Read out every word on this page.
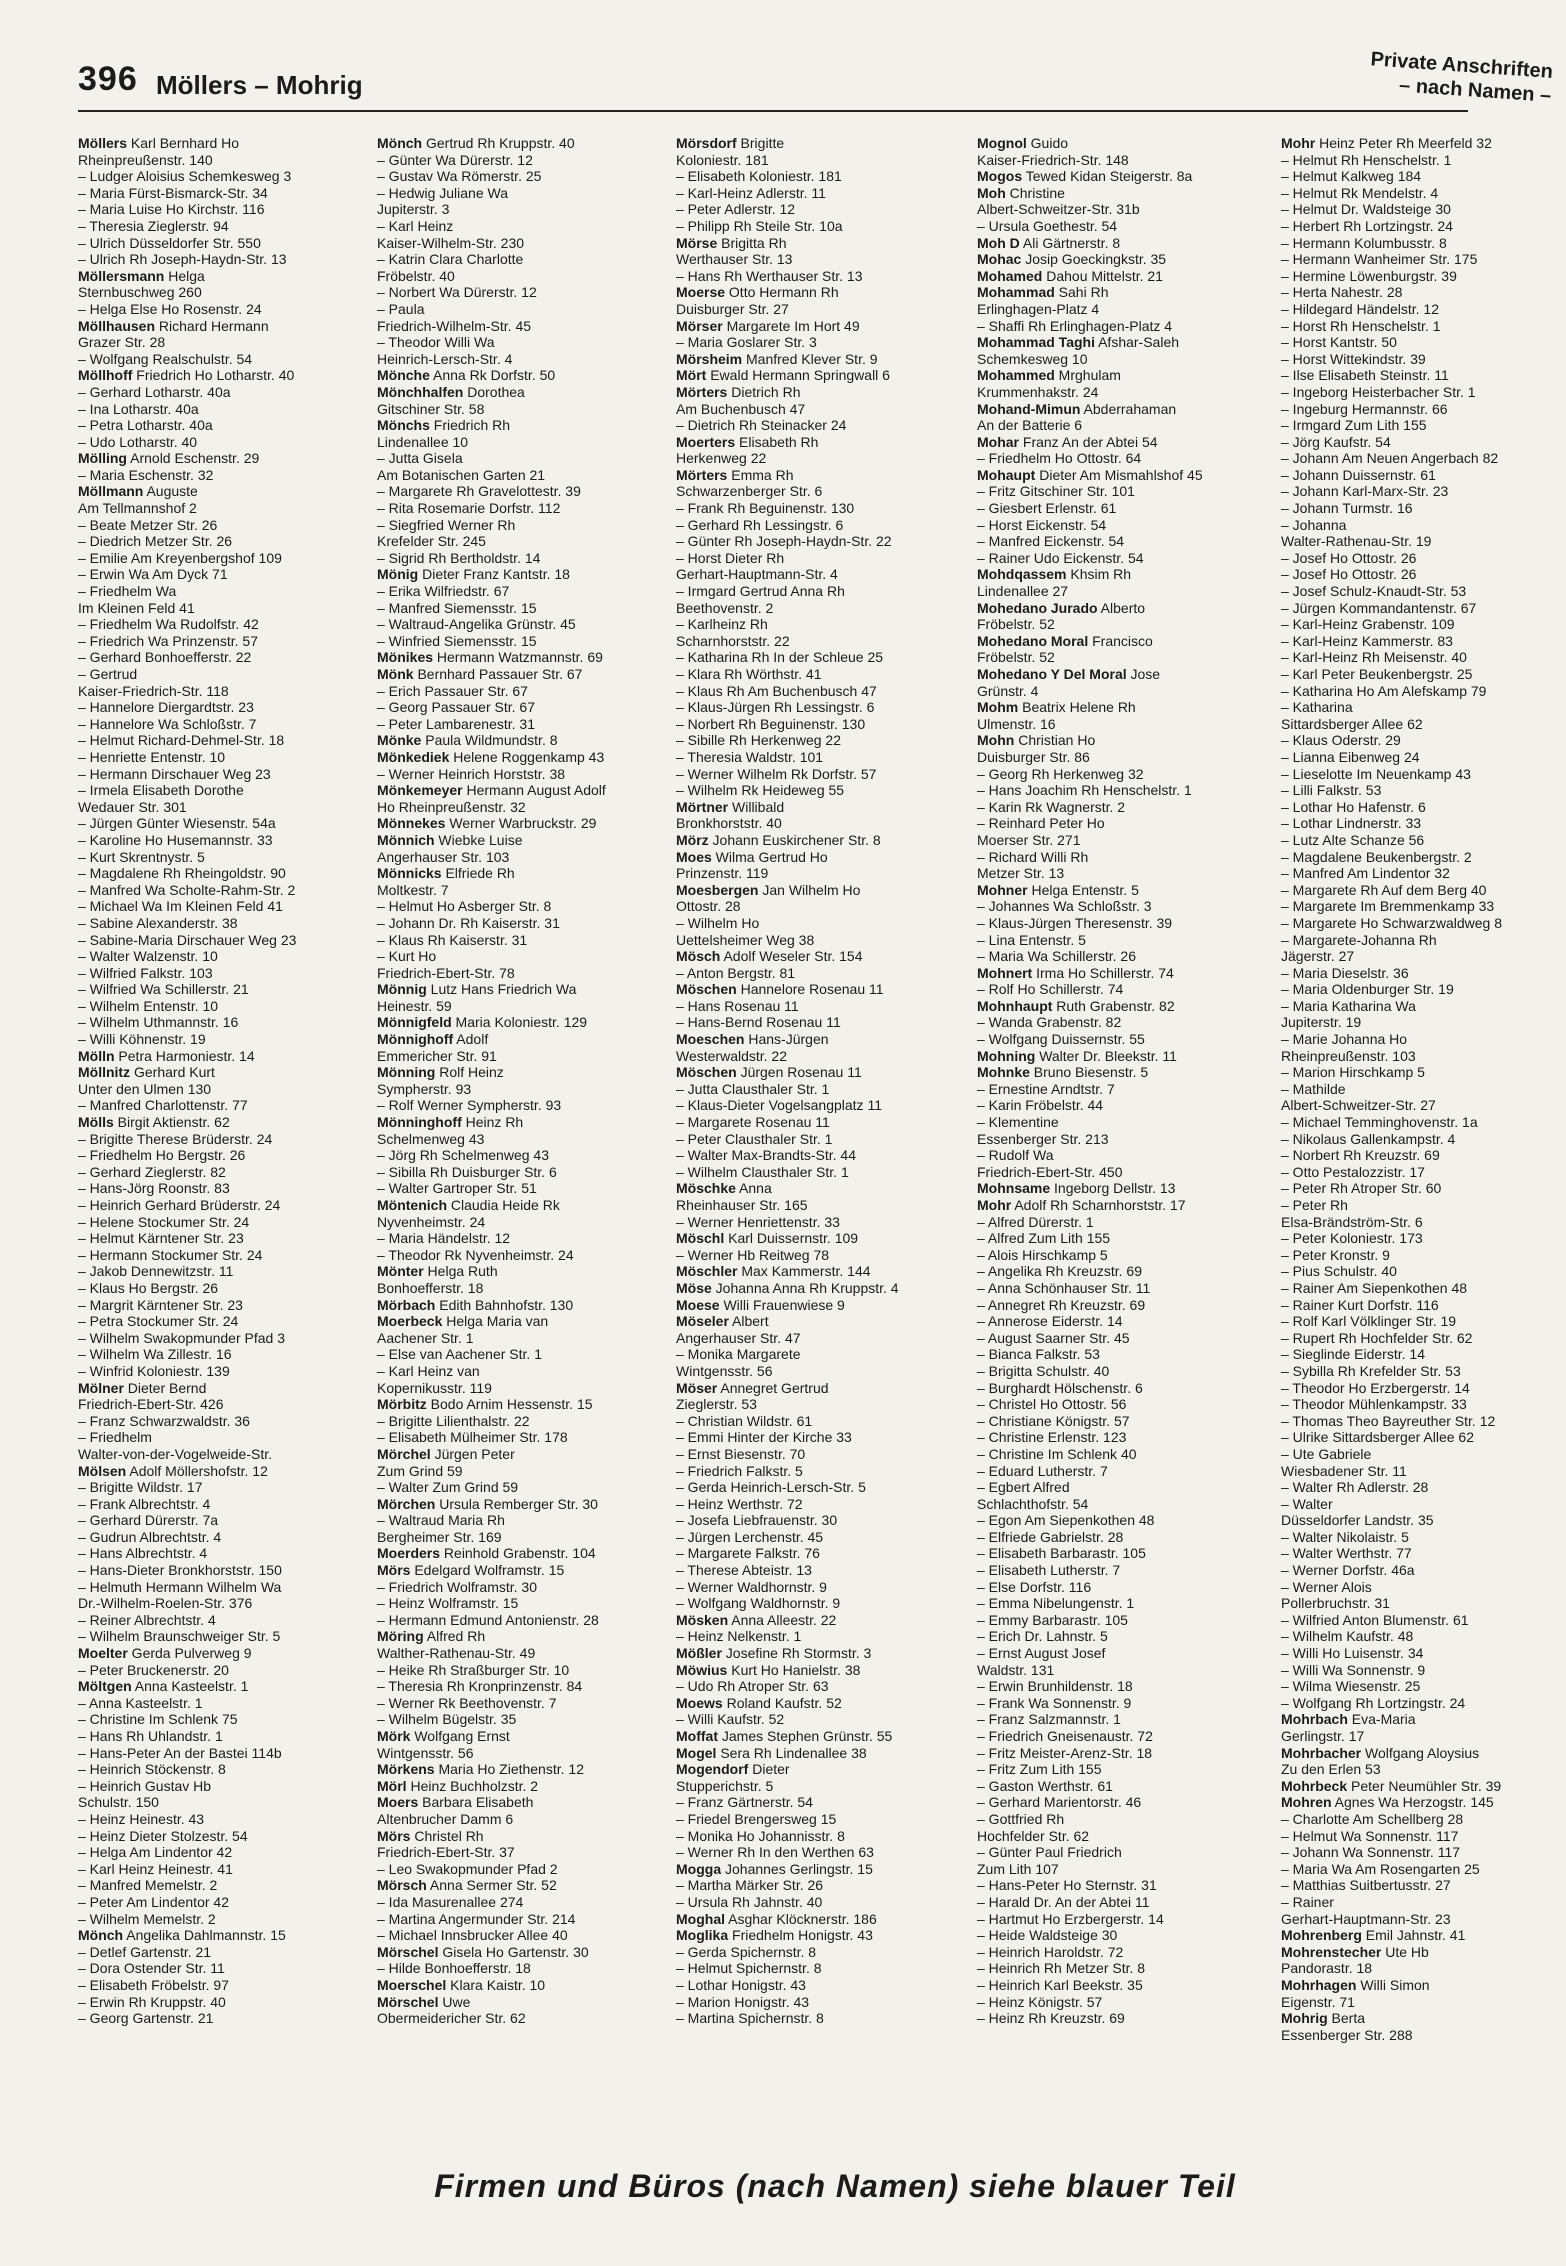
396 Möllers – Mohrig
Private Anschriften
– nach Namen –

Möllers Karl Bernhard Ho

Rheinpreußenstr. 140

– Ludger Aloisius Schemkesweg 3

– Maria Fürst-Bismarck-Str. 34

– Maria Luise Ho Kirchstr. 116

– Theresia Zieglerstr. 94

– Ulrich Düsseldorfer Str. 550

– Ulrich Rh Joseph-Haydn-Str. 13

Möllersmann Helga

Sternbuschweg 260

– Helga Else Ho Rosenstr. 24

Möllhausen Richard Hermann

Grazer Str. 28

– Wolfgang Realschulstr. 54

Möllhoff Friedrich Ho Lotharstr. 40

– Gerhard Lotharstr. 40a

– Ina Lotharstr. 40a

– Petra Lotharstr. 40a

– Udo Lotharstr. 40

Mölling Arnold Eschenstr. 29

– Maria Eschenstr. 32

Möllmann Auguste

Am Tellmannshof 2

– Beate Metzer Str. 26

– Diedrich Metzer Str. 26

– Emilie Am Kreyenbergshof 109

– Erwin Wa Am Dyck 71

– Friedhelm Wa

Im Kleinen Feld 41

– Friedhelm Wa Rudolfstr. 42

– Friedrich Wa Prinzenstr. 57

– Gerhard Bonhoefferstr. 22

– Gertrud

Kaiser-Friedrich-Str. 118

– Hannelore Diergardtstr. 23

– Hannelore Wa Schloßstr. 7

– Helmut Richard-Dehmel-Str. 18

– Henriette Entenstr. 10

– Hermann Dirschauer Weg 23

– Irmela Elisabeth Dorothe

Wedauer Str. 301

– Jürgen Günter Wiesenstr. 54a

– Karoline Ho Husemannstr. 33

– Kurt Skrentnystr. 5

– Magdalene Rh Rheingoldstr. 90

– Manfred Wa Scholte-Rahm-Str. 2

– Michael Wa Im Kleinen Feld 41

– Sabine Alexanderstr. 38

– Sabine-Maria Dirschauer Weg 23

– Walter Walzenstr. 10

– Wilfried Falkstr. 103

– Wilfried Wa Schillerstr. 21

– Wilhelm Entenstr. 10

– Wilhelm Uthmannstr. 16

– Willi Köhnenstr. 19

Mölln Petra Harmoniestr. 14

Möllnitz Gerhard Kurt

Unter den Ulmen 130

– Manfred Charlottenstr. 77

Mölls Birgit Aktienstr. 62

– Brigitte Therese Brüderstr. 24

– Friedhelm Ho Bergstr. 26

– Gerhard Zieglerstr. 82

– Hans-Jörg Roonstr. 83

– Heinrich Gerhard Brüderstr. 24

– Helene Stockumer Str. 24

– Helmut Kärntener Str. 23

– Hermann Stockumer Str. 24

– Jakob Dennewitzstr. 11

– Klaus Ho Bergstr. 26

– Margrit Kärntener Str. 23

– Petra Stockumer Str. 24

– Wilhelm Swakopmunder Pfad 3

– Wilhelm Wa Zillestr. 16

– Winfrid Koloniestr. 139

Mölner Dieter Bernd

Friedrich-Ebert-Str. 426

– Franz Schwarzwaldstr. 36

– Friedhelm

Walter-von-der-Vogelweide-Str.

Mölsen Adolf Möllershofstr. 12

– Brigitte Wildstr. 17

– Frank Albrechtstr. 4

– Gerhard Dürerstr. 7a

– Gudrun Albrechtstr. 4

– Hans Albrechtstr. 4

– Hans-Dieter Bronkhorststr. 150

– Helmuth Hermann Wilhelm Wa

Dr.-Wilhelm-Roelen-Str. 376

– Reiner Albrechtstr. 4

– Wilhelm Braunschweiger Str. 5

Moelter Gerda Pulverweg 9

– Peter Bruckenerstr. 20

Möltgen Anna Kasteelstr. 1

– Anna Kasteelstr. 1

– Christine Im Schlenk 75

– Hans Rh Uhlandstr. 1

– Hans-Peter An der Bastei 114b

– Heinrich Stöckenstr. 8

– Heinrich Gustav Hb

Schulstr. 150

– Heinz Heinestr. 43

– Heinz Dieter Stolzestr. 54

– Helga Am Lindentor 42

– Karl Heinz Heinestr. 41

– Manfred Memelstr. 2

– Peter Am Lindentor 42

– Wilhelm Memelstr. 2

Mönch Angelika Dahlmannstr. 15

– Detlef Gartenstr. 21

– Dora Ostender Str. 11

– Elisabeth Fröbelstr. 97

– Erwin Rh Kruppstr. 40

– Georg Gartenstr. 21

Mönch Gertrud Rh Kruppstr. 40

– Günter Wa Dürerstr. 12

– Gustav Wa Römerstr. 25

– Hedwig Juliane Wa

Jupiterstr. 3

– Karl Heinz

Kaiser-Wilhelm-Str. 230

– Katrin Clara Charlotte

Fröbelstr. 40

– Norbert Wa Dürerstr. 12

– Paula

Friedrich-Wilhelm-Str. 45

– Theodor Willi Wa

Heinrich-Lersch-Str. 4

Mönche Anna Rk Dorfstr. 50

Mönchhalfen Dorothea

Gitschiner Str. 58

Mönchs Friedrich Rh

Lindenallee 10

– Jutta Gisela

Am Botanischen Garten 21

– Margarete Rh Gravelottestr. 39

– Rita Rosemarie Dorfstr. 112

– Siegfried Werner Rh

Krefelder Str. 245

– Sigrid Rh Bertholdstr. 14

Mönig Dieter Franz Kantstr. 18

– Erika Wilfriedstr. 67

– Manfred Siemensstr. 15

– Waltraud-Angelika Grünstr. 45

– Winfried Siemensstr. 15

Mönikes Hermann Watzmannstr. 69

Mönk Bernhard Passauer Str. 67

– Erich Passauer Str. 67

– Georg Passauer Str. 67

– Peter Lambarenestr. 31

Mönke Paula Wildmundstr. 8

Mönkediek Helene Roggenkamp 43

– Werner Heinrich Horststr. 38

Mönkemeyer Hermann August Adolf

Ho Rheinpreußenstr. 32

Mönnekes Werner Warbruckstr. 29

Mönnich Wiebke Luise

Angerhauser Str. 103

Mönnicks Elfriede Rh

Moltkestr. 7

– Helmut Ho Asberger Str. 8

– Johann Dr. Rh Kaiserstr. 31

– Klaus Rh Kaiserstr. 31

– Kurt Ho

Friedrich-Ebert-Str. 78

Mönnig Lutz Hans Friedrich Wa

Heinestr. 59

Mönnigfeld Maria Koloniestr. 129

Mönnighoff Adolf

Emmericher Str. 91

Mönning Rolf Heinz

Sympherstr. 93

– Rolf Werner Sympherstr. 93

Mönninghoff Heinz Rh

Schelmenweg 43

– Jörg Rh Schelmenweg 43

– Sibilla Rh Duisburger Str. 6

– Walter Gartroper Str. 51

Möntenich Claudia Heide Rk

Nyvenheimstr. 24

– Maria Händelstr. 12

– Theodor Rk Nyvenheimstr. 24

Mönter Helga Ruth

Bonhoefferstr. 18

Mörbach Edith Bahnhofstr. 130

Moerbeck Helga Maria van

Aachener Str. 1

– Else van Aachener Str. 1

– Karl Heinz van

Kopernikusstr. 119

Mörbitz Bodo Arnim Hessenstr. 15

– Brigitte Lilienthalstr. 22

– Elisabeth Mülheimer Str. 178

Mörchel Jürgen Peter

Zum Grind 59

– Walter Zum Grind 59

Mörchen Ursula Remberger Str. 30

– Waltraud Maria Rh

Bergheimer Str. 169

Moerders Reinhold Grabenstr. 104

Mörs Edelgard Wolframstr. 15

– Friedrich Wolframstr. 30

– Heinz Wolframstr. 15

– Hermann Edmund Antonienstr. 28

Möring Alfred Rh

Walther-Rathenau-Str. 49

– Heike Rh Straßburger Str. 10

– Theresia Rh Kronprinzenstr. 84

– Werner Rk Beethovenstr. 7

– Wilhelm Bügelstr. 35

Mörk Wolfgang Ernst

Wintgensstr. 56

Mörkens Maria Ho Ziethenstr. 12

Mörl Heinz Buchholzstr. 2

Moers Barbara Elisabeth

Altenbrucher Damm 6

Mörs Christel Rh

Friedrich-Ebert-Str. 37

– Leo Swakopmunder Pfad 2

Mörsch Anna Sermer Str. 52

– Ida Masurenallee 274

– Martina Angermunder Str. 214

– Michael Innsbrucker Allee 40

Mörschel Gisela Ho Gartenstr. 30

– Hilde Bonhoefferstr. 18

Moerschel Klara Kaistr. 10

Mörschel Uwe

Obermeidericher Str. 62

Mörsdorf Brigitte

Koloniestr. 181

– Elisabeth Koloniestr. 181

– Karl-Heinz Adlerstr. 11

– Peter Adlerstr. 12

– Philipp Rh Steile Str. 10a

Mörse Brigitta Rh

Werthauser Str. 13

– Hans Rh Werthauser Str. 13

Moerse Otto Hermann Rh

Duisburger Str. 27

Mörser Margarete Im Hort 49

– Maria Goslarer Str. 3

Mörsheim Manfred Klever Str. 9

Mört Ewald Hermann Springwall 6

Mörters Dietrich Rh

Am Buchenbusch 47

– Dietrich Rh Steinacker 24

Moerters Elisabeth Rh

Herkenweg 22

Mörters Emma Rh

Schwarzenberger Str. 6

– Frank Rh Beguinenstr. 130

– Gerhard Rh Lessingstr. 6

– Günter Rh Joseph-Haydn-Str. 22

– Horst Dieter Rh

Gerhart-Hauptmann-Str. 4

– Irmgard Gertrud Anna Rh

Beethovenstr. 2

– Karlheinz Rh

Scharnhorststr. 22

– Katharina Rh In der Schleue 25

– Klara Rh Wörthstr. 41

– Klaus Rh Am Buchenbusch 47

– Klaus-Jürgen Rh Lessingstr. 6

– Norbert Rh Beguinenstr. 130

– Sibille Rh Herkenweg 22

– Theresia Waldstr. 101

– Werner Wilhelm Rk Dorfstr. 57

– Wilhelm Rk Heideweg 55

Mörtner Willibald

Bronkhorststr. 40

Mörz Johann Euskirchener Str. 8

Moes Wilma Gertrud Ho

Prinzenstr. 119

Moesbergen Jan Wilhelm Ho

Ottostr. 28

– Wilhelm Ho

Uettelsheimer Weg 38

Mösch Adolf Weseler Str. 154

– Anton Bergstr. 81

Möschen Hannelore Rosenau 11

– Hans Rosenau 11

– Hans-Bernd Rosenau 11

Moeschen Hans-Jürgen

Westerwaldstr. 22

Möschen Jürgen Rosenau 11

– Jutta Clausthaler Str. 1

– Klaus-Dieter Vogelsangplatz 11

– Margarete Rosenau 11

– Peter Clausthaler Str. 1

– Walter Max-Brandts-Str. 44

– Wilhelm Clausthaler Str. 1

Möschke Anna

Rheinhauser Str. 165

– Werner Henriettenstr. 33

Möschl Karl Duissernstr. 109

– Werner Hb Reitweg 78

Möschler Max Kammerstr. 144

Möse Johanna Anna Rh Kruppstr. 4

Moese Willi Frauenwiese 9

Möseler Albert

Angerhauser Str. 47

– Monika Margarete

Wintgensstr. 56

Möser Annegret Gertrud

Zieglerstr. 53

– Christian Wildstr. 61

– Emmi Hinter der Kirche 33

– Ernst Biesenstr. 70

– Friedrich Falkstr. 5

– Gerda Heinrich-Lersch-Str. 5

– Heinz Werthstr. 72

– Josefa Liebfrauenstr. 30

– Jürgen Lerchenstr. 45

– Margarete Falkstr. 76

– Therese Abteistr. 13

– Werner Waldhornstr. 9

– Wolfgang Waldhornstr. 9

Mösken Anna Alleestr. 22

– Heinz Nelkenstr. 1

Mößler Josefine Rh Stormstr. 3

Möwius Kurt Ho Hanielstr. 38

– Udo Rh Atroper Str. 63

Moews Roland Kaufstr. 52

– Willi Kaufstr. 52

Moffat James Stephen Grünstr. 55

Mogel Sera Rh Lindenallee 38

Mogendorf Dieter

Stupperichstr. 5

– Franz Gärtnerstr. 54

– Friedel Brengersweg 15

– Monika Ho Johannisstr. 8

– Werner Rh In den Werthen 63

Mogga Johannes Gerlingstr. 15

– Martha Märker Str. 26

– Ursula Rh Jahnstr. 40

Moghal Asghar Klöcknerstr. 186

Moglika Friedhelm Honigstr. 43

– Gerda Spichernstr. 8

– Helmut Spichernstr. 8

– Lothar Honigstr. 43

– Marion Honigstr. 43

– Martina Spichernstr. 8

Mognol Guido

Kaiser-Friedrich-Str. 148

Mogos Tewed Kidan Steigerstr. 8a

Moh Christine

Albert-Schweitzer-Str. 31b

– Ursula Goethestr. 54

Moh D Ali Gärtnerstr. 8

Mohac Josip Goeckingkstr. 35

Mohamed Dahou Mittelstr. 21

Mohammad Sahi Rh

Erlinghagen-Platz 4

– Shaffi Rh Erlinghagen-Platz 4

Mohammad Taghi Afshar-Saleh

Schemkesweg 10

Mohammed Mrghulam

Krummenhakstr. 24

Mohand-Mimun Abderrahaman

An der Batterie 6

Mohar Franz An der Abtei 54

– Friedhelm Ho Ottostr. 64

Mohaupt Dieter Am Mismahlshof 45

– Fritz Gitschiner Str. 101

– Giesbert Erlenstr. 61

– Horst Eickenstr. 54

– Manfred Eickenstr. 54

– Rainer Udo Eickenstr. 54

Mohdqassem Khsim Rh

Lindenallee 27

Mohedano Jurado Alberto

Fröbelstr. 52

Mohedano Moral Francisco

Fröbelstr. 52

Mohedano Y Del Moral Jose

Grünstr. 4

Mohm Beatrix Helene Rh

Ulmenstr. 16

Mohn Christian Ho

Duisburger Str. 86

– Georg Rh Herkenweg 32

– Hans Joachim Rh Henschelstr. 1

– Karin Rk Wagnerstr. 2

– Reinhard Peter Ho

Moerser Str. 271

– Richard Willi Rh

Metzer Str. 13

Mohner Helga Entenstr. 5

– Johannes Wa Schloßstr. 3

– Klaus-Jürgen Theresenstr. 39

– Lina Entenstr. 5

– Maria Wa Schillerstr. 26

Mohnert Irma Ho Schillerstr. 74

– Rolf Ho Schillerstr. 74

Mohnhaupt Ruth Grabenstr. 82

– Wanda Grabenstr. 82

– Wolfgang Duissernstr. 55

Mohning Walter Dr. Bleekstr. 11

Mohnke Bruno Biesenstr. 5

– Ernestine Arndtstr. 7

– Karin Fröbelstr. 44

– Klementine

Essenberger Str. 213

– Rudolf Wa

Friedrich-Ebert-Str. 450

Mohnsame Ingeborg Dellstr. 13

Mohr Adolf Rh Scharnhorststr. 17

– Alfred Dürerstr. 1

– Alfred Zum Lith 155

– Alois Hirschkamp 5

– Angelika Rh Kreuzstr. 69

– Anna Schönhauser Str. 11

– Annegret Rh Kreuzstr. 69

– Annerose Eiderstr. 14

– August Saarner Str. 45

– Bianca Falkstr. 53

– Brigitta Schulstr. 40

– Burghardt Hölschenstr. 6

– Christel Ho Ottostr. 56

– Christiane Königstr. 57

– Christine Erlenstr. 123

– Christine Im Schlenk 40

– Eduard Lutherstr. 7

– Egbert Alfred

Schlachthofstr. 54

– Egon Am Siepenkothen 48

– Elfriede Gabrielstr. 28

– Elisabeth Barbarastr. 105

– Elisabeth Lutherstr. 7

– Else Dorfstr. 116

– Emma Nibelungenstr. 1

– Emmy Barbarastr. 105

– Erich Dr. Lahnstr. 5

– Ernst August Josef

Waldstr. 131

– Erwin Brunhildenstr. 18

– Frank Wa Sonnenstr. 9

– Franz Salzmannstr. 1

– Friedrich Gneisenaustr. 72

– Fritz Meister-Arenz-Str. 18

– Fritz Zum Lith 155

– Gaston Werthstr. 61

– Gerhard Marientorstr. 46

– Gottfried Rh

Hochfelder Str. 62

– Günter Paul Friedrich

Zum Lith 107

– Hans-Peter Ho Sternstr. 31

– Harald Dr. An der Abtei 11

– Hartmut Ho Erzbergerstr. 14

– Heide Waldsteige 30

– Heinrich Haroldstr. 72

– Heinrich Rh Metzer Str. 8

– Heinrich Karl Beekstr. 35

– Heinz Königstr. 57

– Heinz Rh Kreuzstr. 69

Mohr Heinz Peter Rh Meerfeld 32

– Helmut Rh Henschelstr. 1

– Helmut Kalkweg 184

– Helmut Rk Mendelstr. 4

– Helmut Dr. Waldsteige 30

– Herbert Rh Lortzingstr. 24

– Hermann Kolumbusstr. 8

– Hermann Wanheimer Str. 175

– Hermine Löwenburgstr. 39

– Herta Nahestr. 28

– Hildegard Händelstr. 12

– Horst Rh Henschelstr. 1

– Horst Kantstr. 50

– Horst Wittekindstr. 39

– Ilse Elisabeth Steinstr. 11

– Ingeborg Heisterbacher Str. 1

– Ingeburg Hermannstr. 66

– Irmgard Zum Lith 155

– Jörg Kaufstr. 54

– Johann Am Neuen Angerbach 82

– Johann Duissernstr. 61

– Johann Karl-Marx-Str. 23

– Johann Turmstr. 16

– Johanna

Walter-Rathenau-Str. 19

– Josef Ho Ottostr. 26

– Josef Ho Ottostr. 26

– Josef Schulz-Knaudt-Str. 53

– Jürgen Kommandantenstr. 67

– Karl-Heinz Grabenstr. 109

– Karl-Heinz Kammerstr. 83

– Karl-Heinz Rh Meisenstr. 40

– Karl Peter Beukenbergstr. 25

– Katharina Ho Am Alefskamp 79

– Katharina

Sittardsberger Allee 62

– Klaus Oderstr. 29

– Lianna Eibenweg 24

– Lieselotte Im Neuenkamp 43

– Lilli Falkstr. 53

– Lothar Ho Hafenstr. 6

– Lothar Lindnerstr. 33

– Lutz Alte Schanze 56

– Magdalene Beukenbergstr. 2

– Manfred Am Lindentor 32

– Margarete Rh Auf dem Berg 40

– Margarete Im Bremmenkamp 33

– Margarete Ho Schwarzwaldweg 8

– Margarete-Johanna Rh

Jägerstr. 27

– Maria Dieselstr. 36

– Maria Oldenburger Str. 19

– Maria Katharina Wa

Jupiterstr. 19

– Marie Johanna Ho

Rheinpreußenstr. 103

– Marion Hirschkamp 5

– Mathilde

Albert-Schweitzer-Str. 27

– Michael Temminghovenstr. 1a

– Nikolaus Gallenkampstr. 4

– Norbert Rh Kreuzstr. 69

– Otto Pestalozzistr. 17

– Peter Rh Atroper Str. 60

– Peter Rh

Elsa-Brändström-Str. 6

– Peter Koloniestr. 173

– Peter Kronstr. 9

– Pius Schulstr. 40

– Rainer Am Siepenkothen 48

– Rainer Kurt Dorfstr. 116

– Rolf Karl Völklinger Str. 19

– Rupert Rh Hochfelder Str. 62

– Sieglinde Eiderstr. 14

– Sybilla Rh Krefelder Str. 53

– Theodor Ho Erzbergerstr. 14

– Theodor Mühlenkampstr. 33

– Thomas Theo Bayreuther Str. 12

– Ulrike Sittardsberger Allee 62

– Ute Gabriele

Wiesbadener Str. 11

– Walter Rh Adlerstr. 28

– Walter

Düsseldorfer Landstr. 35

– Walter Nikolaistr. 5

– Walter Werthstr. 77

– Werner Dorfstr. 46a

– Werner Alois

Pollerbruchstr. 31

– Wilfried Anton Blumenstr. 61

– Wilhelm Kaufstr. 48

– Willi Ho Luisenstr. 34

– Willi Wa Sonnenstr. 9

– Wilma Wiesenstr. 25

– Wolfgang Rh Lortzingstr. 24

Mohrbach Eva-Maria

Gerlingstr. 17

Mohrbacher Wolfgang Aloysius

Zu den Erlen 53

Mohrbeck Peter Neumühler Str. 39

Mohren Agnes Wa Herzogstr. 145

– Charlotte Am Schellberg 28

– Helmut Wa Sonnenstr. 117

– Johann Wa Sonnenstr. 117

– Maria Wa Am Rosengarten 25

– Matthias Suitbertusstr. 27

– Rainer

Gerhart-Hauptmann-Str. 23

Mohrenberg Emil Jahnstr. 41

Mohrenstecher Ute Hb

Pandorastr. 18

Mohrhagen Willi Simon

Eigenstr. 71

Mohrig Berta

Essenberger Str. 288

Firmen und Büros (nach Namen) siehe blauer Teil
